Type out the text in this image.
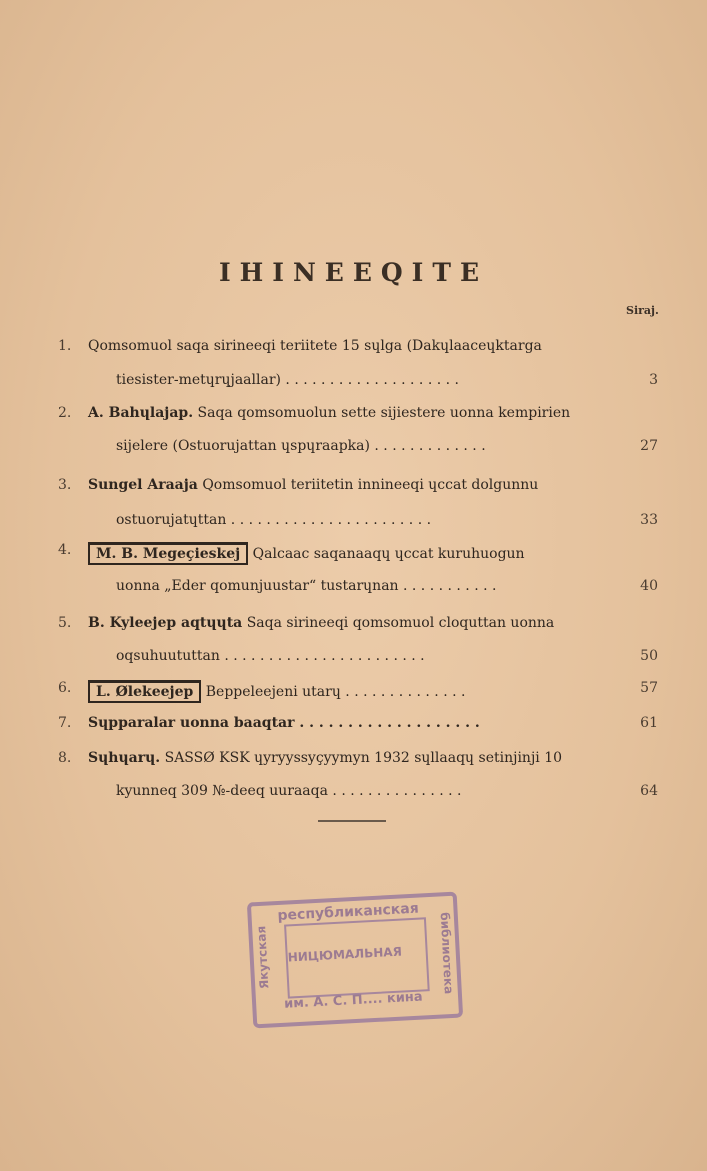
IHINEEQITE
Siraj.
1.	Qomsomuol saqa sirineeqi teriitete 15 sɥlga (Dakɥlaaceɥktarga
tiesister-metɥrɥjaallar) . . . . . . . . . . . . . . . . . . . .	3
2.	A. Bahɥlajap. Saqa qomsomuolun sette sijiestere uonna kempirien
sijelere (Ostuorujattan ɥspɥraapka) . . . . . . . . . . . . .	27
3.	Sungel Araaja Qomsomuol teriitetin innineeqi ɥccat dolgunnu
ostuorujatɥttan . . . . . . . . . . . . . . . . . . . . . . .	33
4.	M. B. Megeçieskej Qalcaac saqanaaqɥ ɥccat kuruhuogun
uonna „Eder qomunjuustar“ tustarɥnan . . . . . . . . . . .	40
5.	B. Kyleejep aqtɥɥta Saqa sirineeqi qomsomuol cloquttan uonna
oqsuhuututtan . . . . . . . . . . . . . . . . . . . . . . .	50
6.	L. Ølekeejep Beppeleejeni utarɥ . . . . . . . . . . . . . .	57
7.	Sɥpparalar uonna baaqtar . . . . . . . . . . . . . . . . . . .	61
8.	Sɥhɥarɥ. SASSØ KSK ɥyryyssyçyymyn 1932 sɥllaaqɥ setinjinji 10
kyunneq 309 №-deeq uuraaqa . . . . . . . . . . . . . . .	64
республиканская
НИЦЮМАЛЬНАЯ
им. А. С. П.... кина
Якутская	библиотека
